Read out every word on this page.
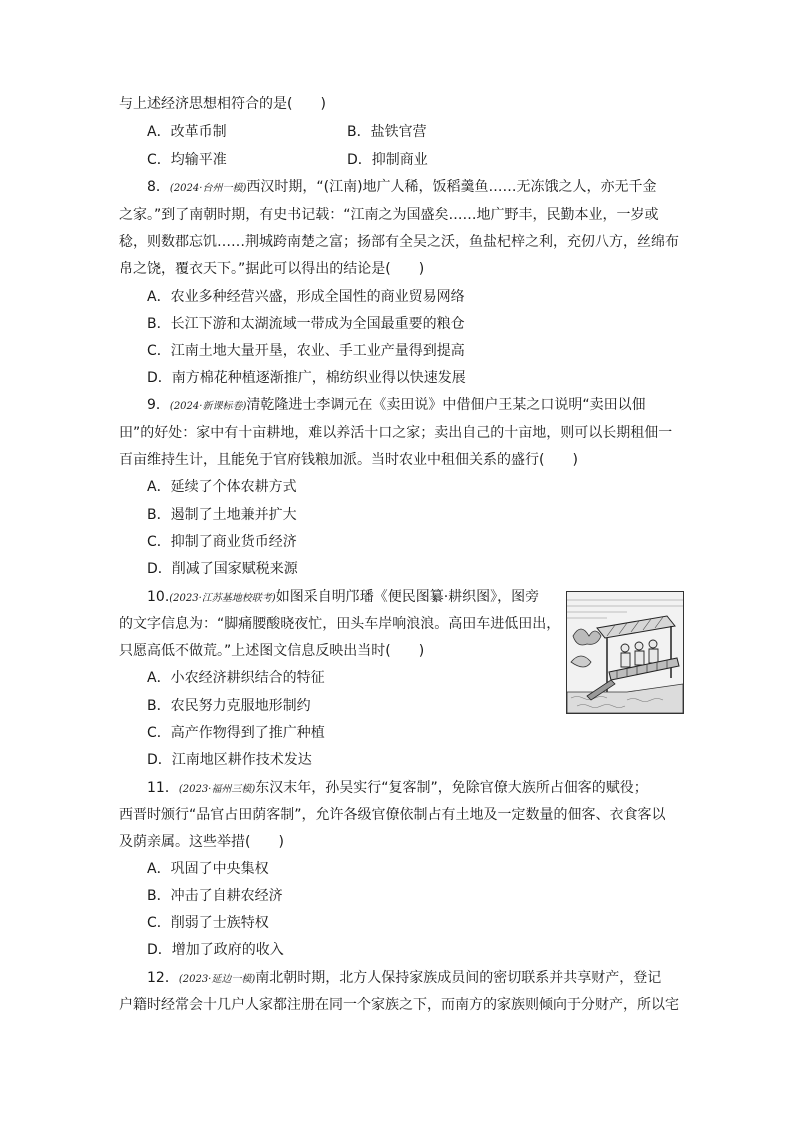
与上述经济思想相符合的是(　　)
A．改革币制	B．盐铁官营
C．均输平准	D．抑制商业
8．(2024·台州一模)西汉时期，“(江南)地广人稀，饭稻羹鱼……无冻饿之人，亦无千金
之家。”到了南朝时期，有史书记载：“江南之为国盛矣……地广野丰，民勤本业，一岁或
稔，则数郡忘饥……荆城跨南楚之富；扬部有全吴之沃，鱼盐杞梓之利，充仞八方，丝绵布
帛之饶，覆衣天下。”据此可以得出的结论是(　　)
A．农业多种经营兴盛，形成全国性的商业贸易网络
B．长江下游和太湖流域一带成为全国最重要的粮仓
C．江南土地大量开垦，农业、手工业产量得到提高
D．南方棉花种植逐渐推广，棉纺织业得以快速发展
9．(2024·新课标卷)清乾隆进士李调元在《卖田说》中借佃户王某之口说明“卖田以佃
田”的好处：家中有十亩耕地，难以养活十口之家；卖出自己的十亩地，则可以长期租佃一
百亩维持生计，且能免于官府钱粮加派。当时农业中租佃关系的盛行(　　)
A．延续了个体农耕方式
B．遏制了土地兼并扩大
C．抑制了商业货币经济
D．削减了国家赋税来源
10.(2023·江苏基地校联考)如图采自明邝璠《便民图纂·耕织图》，图旁
的文字信息为：“脚痛腰酸晓夜忙，田头车岸响浪浪。高田车进低田出，
只愿高低不做荒。”上述图文信息反映出当时(　　)
A．小农经济耕织结合的特征
B．农民努力克服地形制约
C．高产作物得到了推广种植
D．江南地区耕作技术发达
11．(2023·福州三模)东汉末年，孙吴实行“复客制”，免除官僚大族所占佃客的赋役；
西晋时颁行“品官占田荫客制”，允许各级官僚依制占有土地及一定数量的佃客、衣食客以
及荫亲属。这些举措(　　)
A．巩固了中央集权
B．冲击了自耕农经济
C．削弱了士族特权
D．增加了政府的收入
12．(2023·延边一模)南北朝时期，北方人保持家族成员间的密切联系并共享财产，登记
户籍时经常会十几户人家都注册在同一个家族之下，而南方的家族则倾向于分财产，所以宅
